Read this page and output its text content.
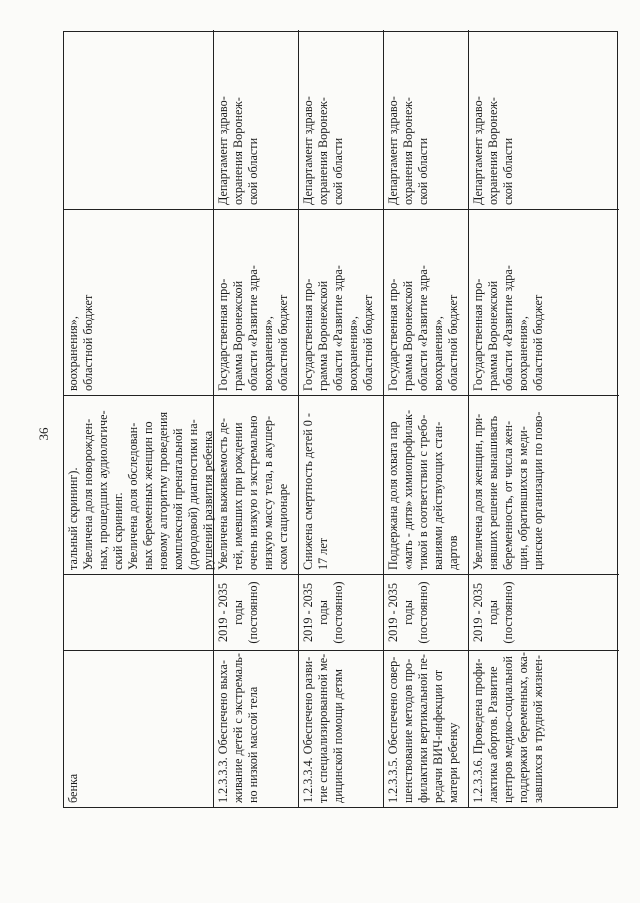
36
бенка
тальный скрининг). Увеличена доля новорожден- ных, прошедших аудиологиче- ский скрининг. Увеличена доля обследован- ных беременных женщин по новому алгоритму проведения комплексной пренатальной (дородовой) диагностики на- рушений развития ребенка
воохранения», областной бюджет
1.2.3.3.3. Обеспечено выха- живание детей с экстремаль- но низкой массой тела
2019 - 2035 годы (постоянно)
Увеличена выживаемость де- тей, имевших при рождении очень низкую и экстремально низкую массу тела, в акушер- ском стационаре
Государственная про- грамма Воронежской области «Развитие здра- воохранения», областной бюджет
Департамент здраво- охранения Воронеж- ской области
1.2.3.3.4. Обеспечено разви- тие специализированной ме- дицинской помощи детям
2019 - 2035 годы (постоянно)
Снижена смертность детей 0 - 17 лет
Государственная про- грамма Воронежской области «Развитие здра- воохранения», областной бюджет
Департамент здраво- охранения Воронеж- ской области
1.2.3.3.5. Обеспечено совер- шенствование методов про- филактики вертикальной пе- редачи ВИЧ-инфекции от матери ребенку
2019 - 2035 годы (постоянно)
Поддержана доля охвата пар «мать - дитя» химиопрофилак- тикой в соответствии с требо- ваниями действующих стан- дартов
Государственная про- грамма Воронежской области «Развитие здра- воохранения», областной бюджет
Департамент здраво- охранения Воронеж- ской области
1.2.3.3.6. Проведена профи- лактика абортов. Развитие центров медико-социальной поддержки беременных, ока- завшихся в трудной жизнен-
2019 - 2035 годы (постоянно)
Увеличена доля женщин, при- нявших решение вынашивать беременность, от числа жен- щин, обратившихся в меди- цинские организации по пово-
Государственная про- грамма Воронежской области «Развитие здра- воохранения», областной бюджет
Департамент здраво- охранения Воронеж- ской области
